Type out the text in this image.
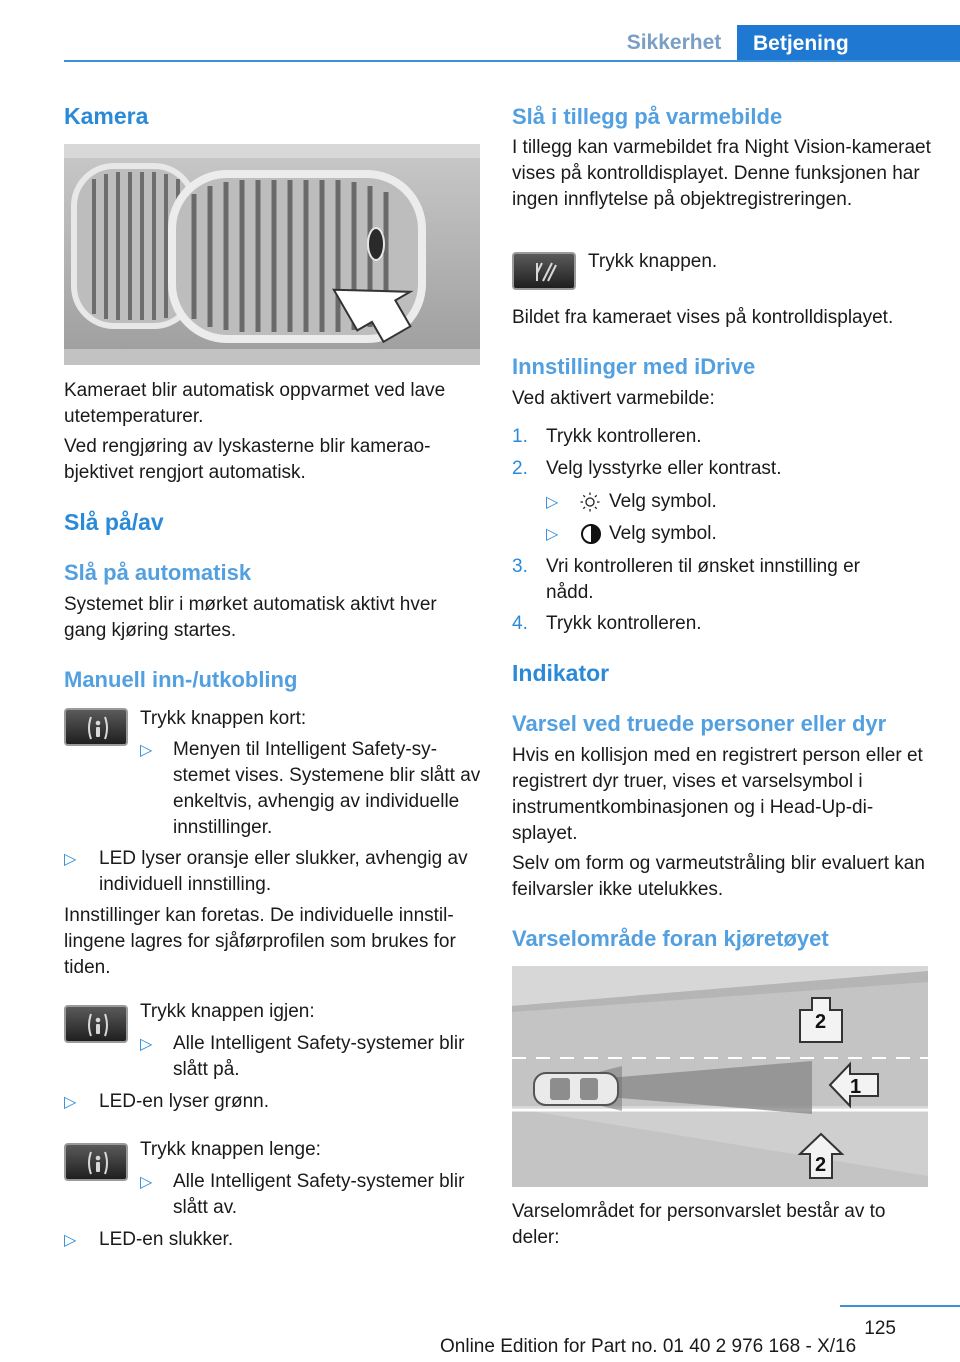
Sikkerhet	Betjening
Kamera
Kameraet blir automatisk oppvarmet ved lave utetemperaturer.
Ved rengjøring av lyskasterne blir kameraobjektivet rengjort automatisk.
Slå på/av
Slå på automatisk
Systemet blir i mørket automatisk aktivt hver gang kjøring startes.
Manuell inn-/utkobling
Trykk knappen kort:
▷ Menyen til Intelligent Safety-systemet vises. Systemene blir slått av enkeltvis, avhengig av individuelle innstillinger.
▷ LED lyser oransje eller slukker, avhengig av individuell innstilling.
Innstillinger kan foretas. De individuelle innstillingene lagres for sjåførprofilen som brukes for tiden.
Trykk knappen igjen:
▷ Alle Intelligent Safety-systemer blir slått på.
▷ LED-en lyser grønn.
Trykk knappen lenge:
▷ Alle Intelligent Safety-systemer blir slått av.
▷ LED-en slukker.
Slå i tillegg på varmebilde
I tillegg kan varmebildet fra Night Vision-kameraet vises på kontrolldisplayet. Denne funksjonen har ingen innflytelse på objektregistreringen.
Trykk knappen.
Bildet fra kameraet vises på kontrolldisplayet.
Innstillinger med iDrive
Ved aktivert varmebilde:
1. Trykk kontrolleren.
2. Velg lysstyrke eller kontrast.
▷	Velg symbol.
▷	Velg symbol.
3. Vri kontrolleren til ønsket innstilling er nådd.
4. Trykk kontrolleren.
Indikator
Varsel ved truede personer eller dyr
Hvis en kollisjon med en registrert person eller et registrert dyr truer, vises et varselsymbol i instrumentkombinasjonen og i Head-Up-displayet.
Selv om form og varmeutstråling blir evaluert kan feilvarsler ikke utelukkes.
Varselområde foran kjøretøyet
2
1
2
Varselområdet for personvarslet består av to deler:
125
Online Edition for Part no. 01 40 2 976 168 - X/16
